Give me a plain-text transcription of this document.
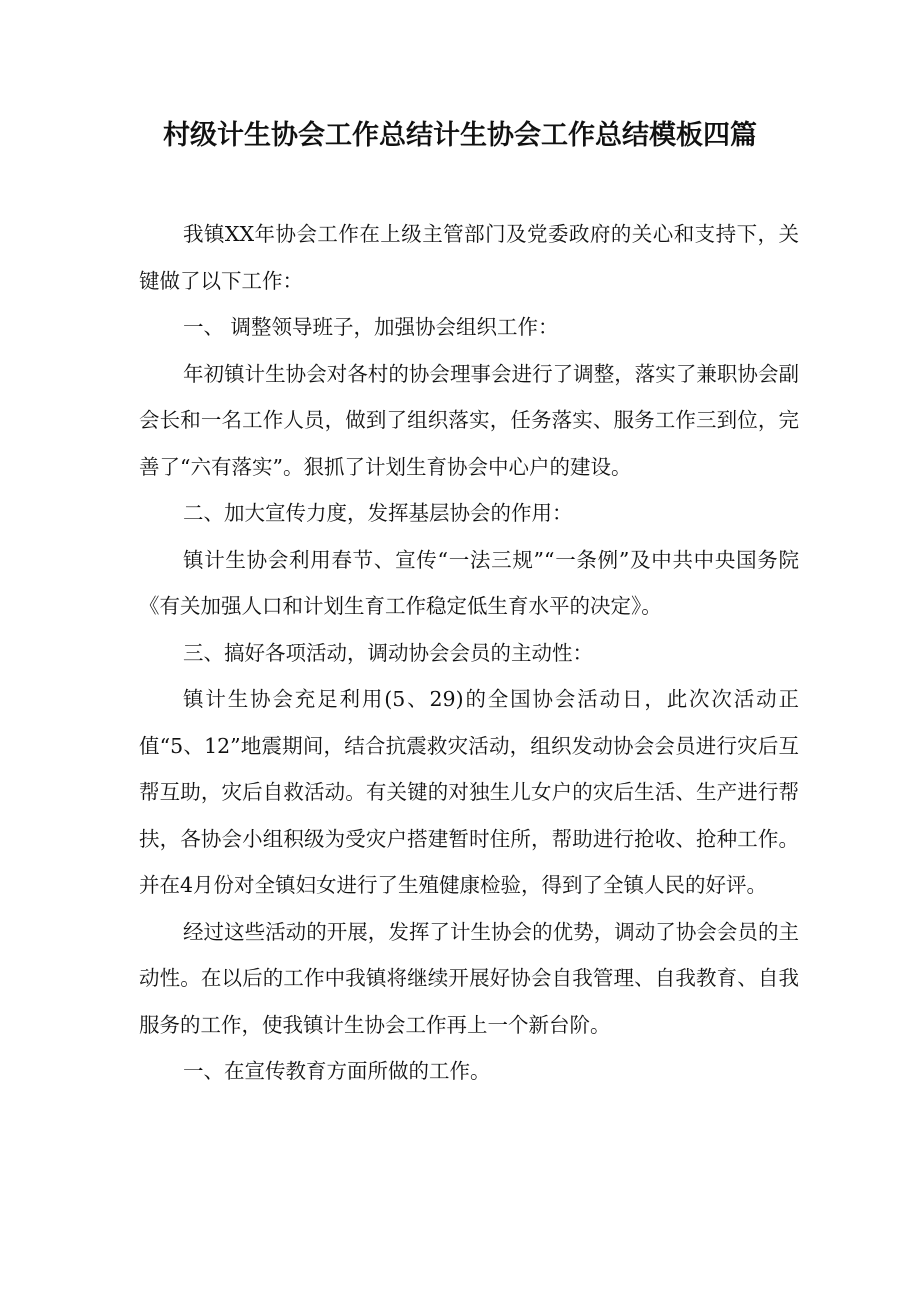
村级计生协会工作总结计生协会工作总结模板四篇

我镇XX年协会工作在上级主管部门及党委政府的关心和支持下，关键做了以下工作：

一、 调整领导班子，加强协会组织工作：

年初镇计生协会对各村的协会理事会进行了调整，落实了兼职协会副会长和一名工作人员，做到了组织落实，任务落实、服务工作三到位，完善了“六有落实”。狠抓了计划生育协会中心户的建设。

二、加大宣传力度，发挥基层协会的作用：

镇计生协会利用春节、宣传“一法三规”“一条例”及中共中央国务院《有关加强人口和计划生育工作稳定低生育水平的决定》。

三、搞好各项活动，调动协会会员的主动性：

镇计生协会充足利用(5、29)的全国协会活动日，此次次活动正值“5、12”地震期间，结合抗震救灾活动，组织发动协会会员进行灾后互帮互助，灾后自救活动。有关键的对独生儿女户的灾后生活、生产进行帮扶，各协会小组积级为受灾户搭建暂时住所，帮助进行抢收、抢种工作。并在4月份对全镇妇女进行了生殖健康检验，得到了全镇人民的好评。

经过这些活动的开展，发挥了计生协会的优势，调动了协会会员的主动性。在以后的工作中我镇将继续开展好协会自我管理、自我教育、自我服务的工作，使我镇计生协会工作再上一个新台阶。

一、在宣传教育方面所做的工作。
